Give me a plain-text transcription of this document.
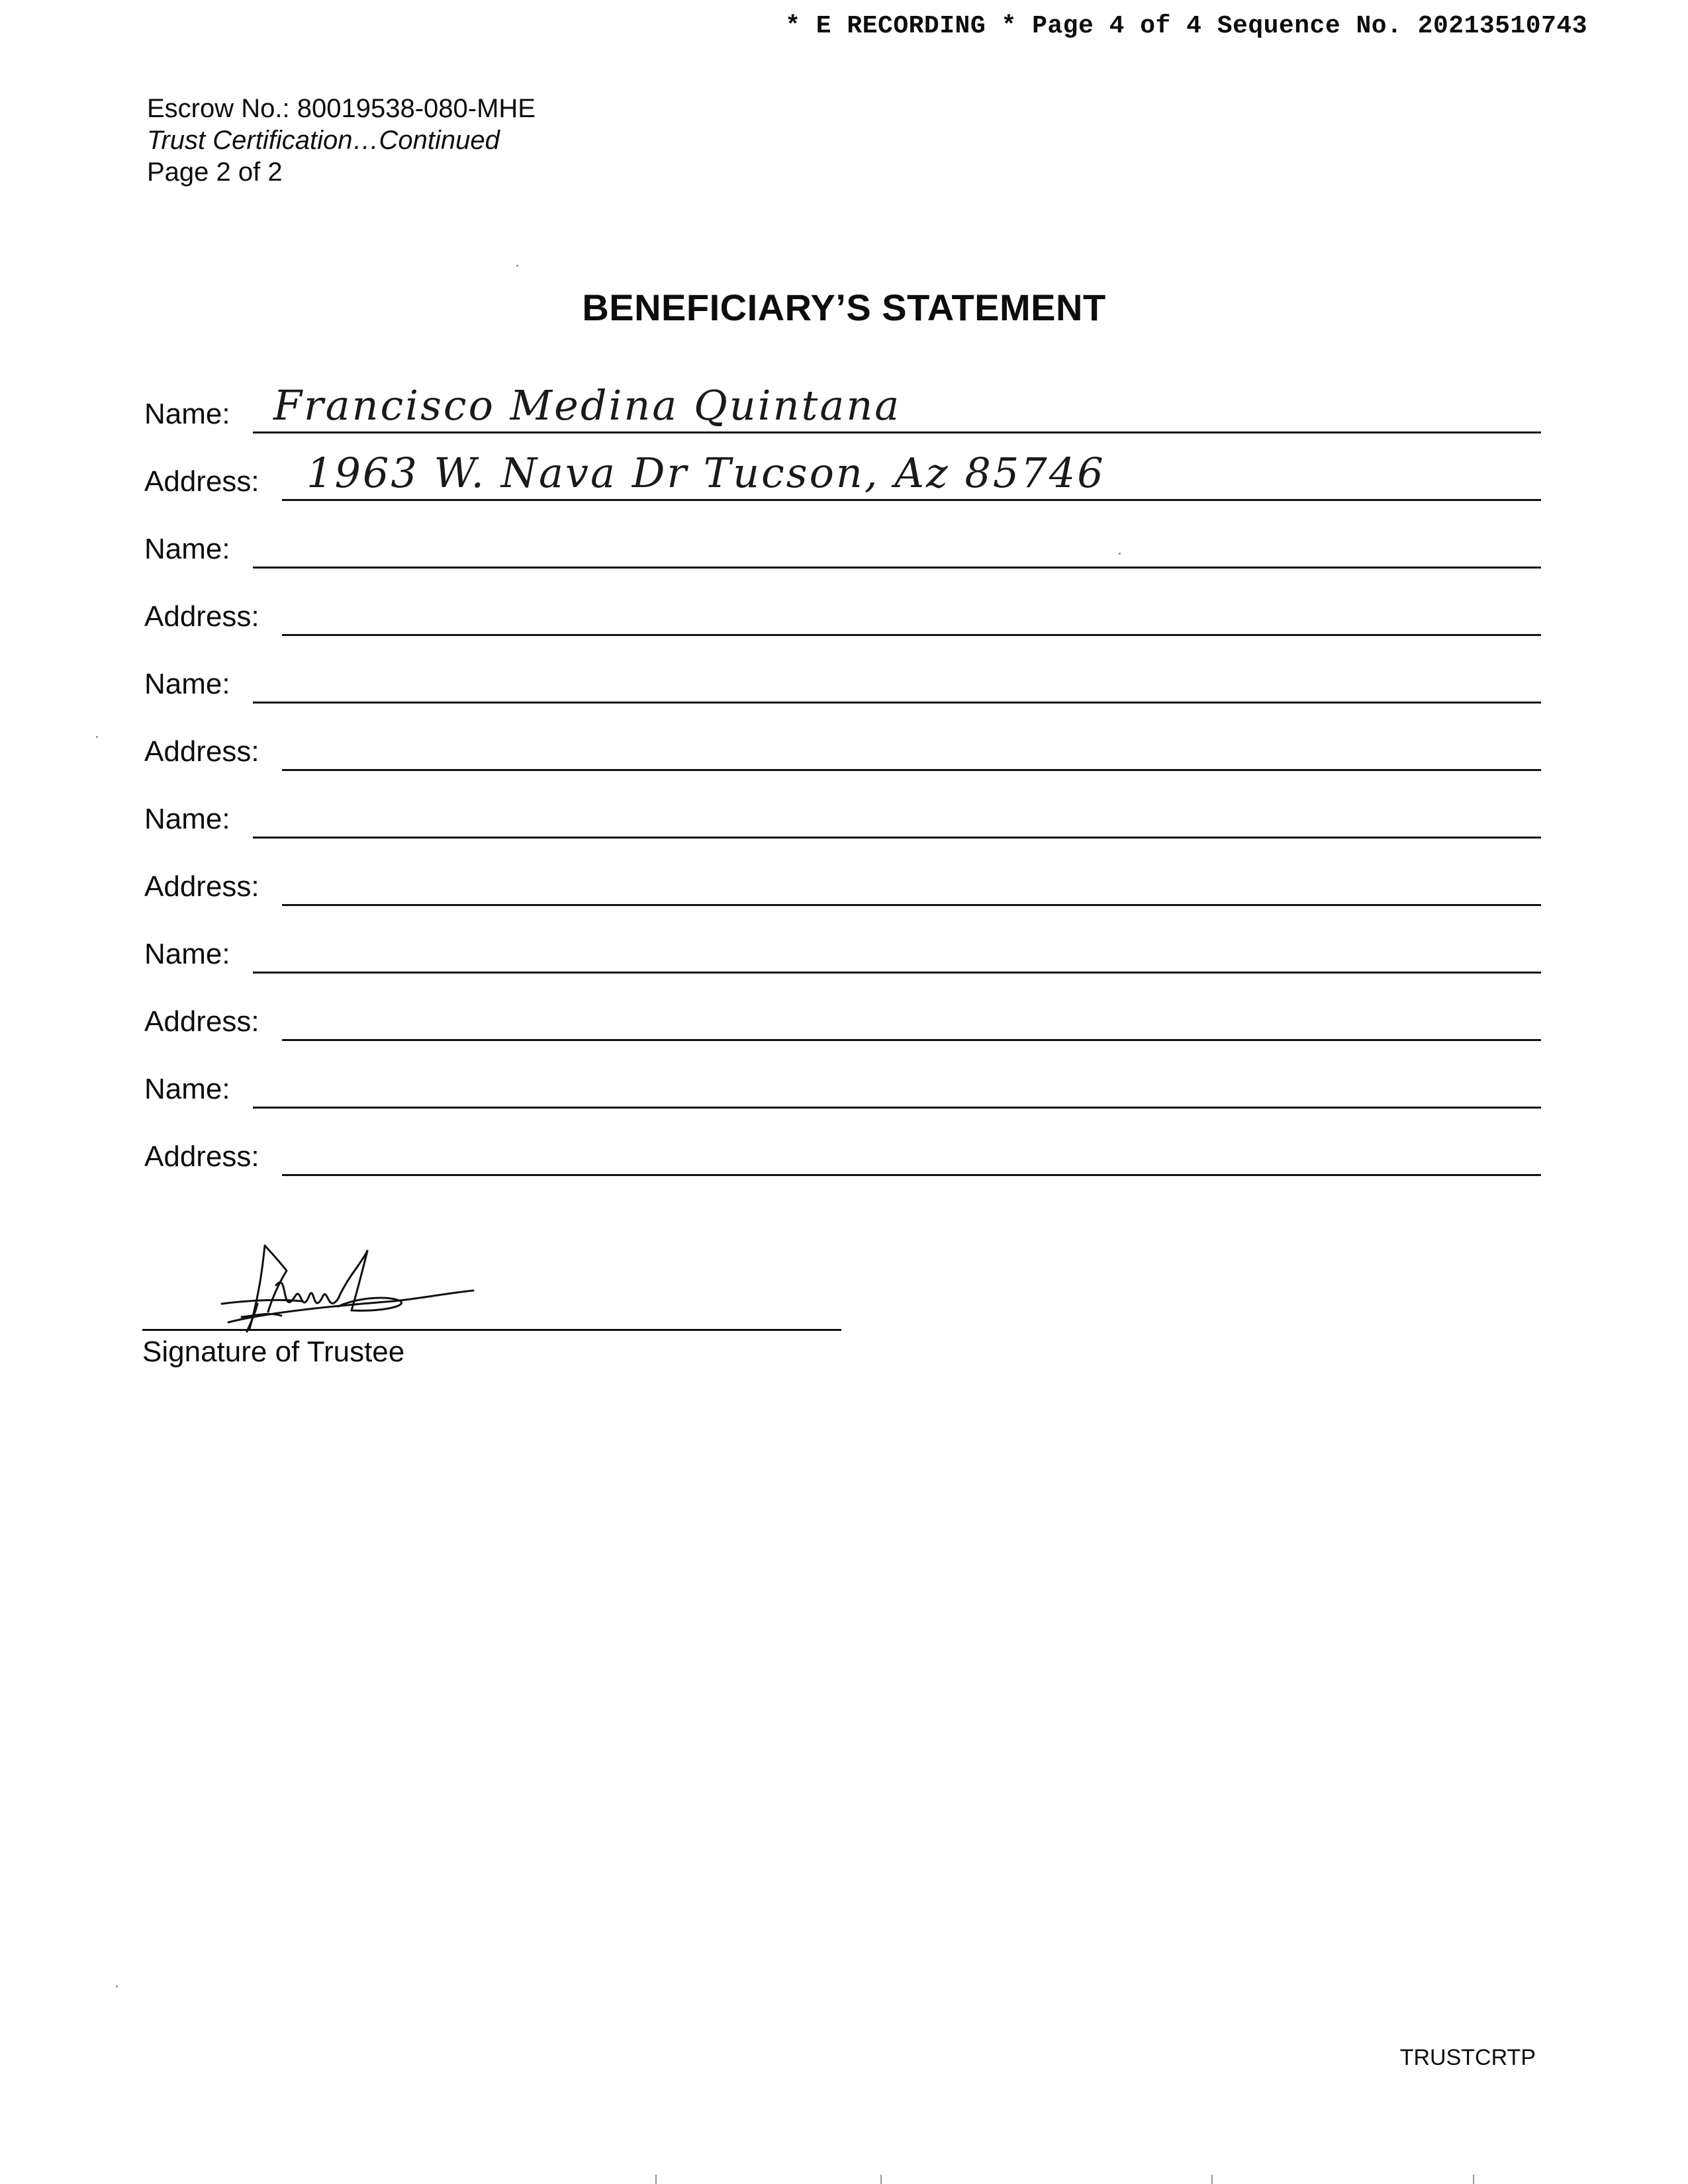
* E RECORDING * Page 4 of 4 Sequence No. 20213510743
Escrow No.: 80019538-080-MHE
Trust Certification…Continued
Page 2 of 2
BENEFICIARY’S STATEMENT
Name: Francisco Medina Quintana
Address: 1963 W. Nava Dr Tucson, Az 85746
Name:
Address:
Name:
Address:
Name:
Address:
Name:
Address:
Name:
Address:
Signature of Trustee
TRUSTCRTP
